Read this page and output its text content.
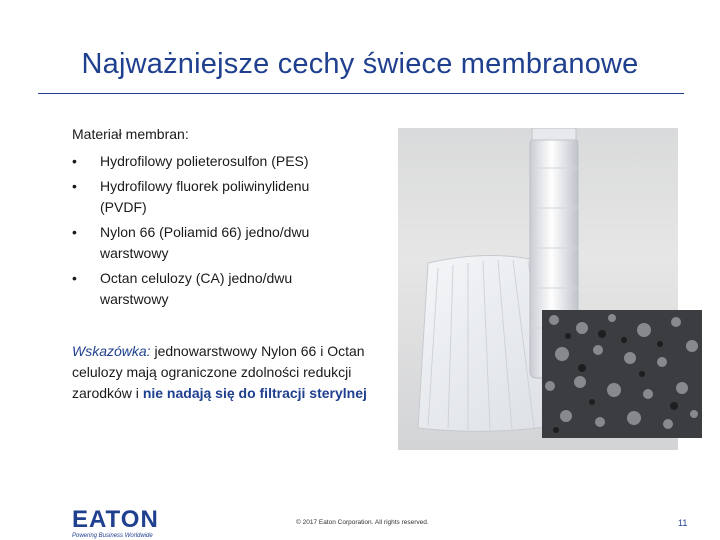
Najważniejsze cechy świece membranowe
Materiał membran:
• Hydrofilowy polieterosulfon (PES)
• Hydrofilowy fluorek poliwinylidenu (PVDF)
• Nylon 66 (Poliamid 66) jedno/dwu warstwowy
• Octan celulozy (CA) jedno/dwu warstwowy
Wskazówka: jednowarstwowy Nylon 66 i Octan celulozy mają ograniczone zdolności redukcji zarodków i nie nadają się do filtracji sterylnej
EATON
Powering Business Worldwide
© 2017 Eaton Corporation. All rights reserved.	11
